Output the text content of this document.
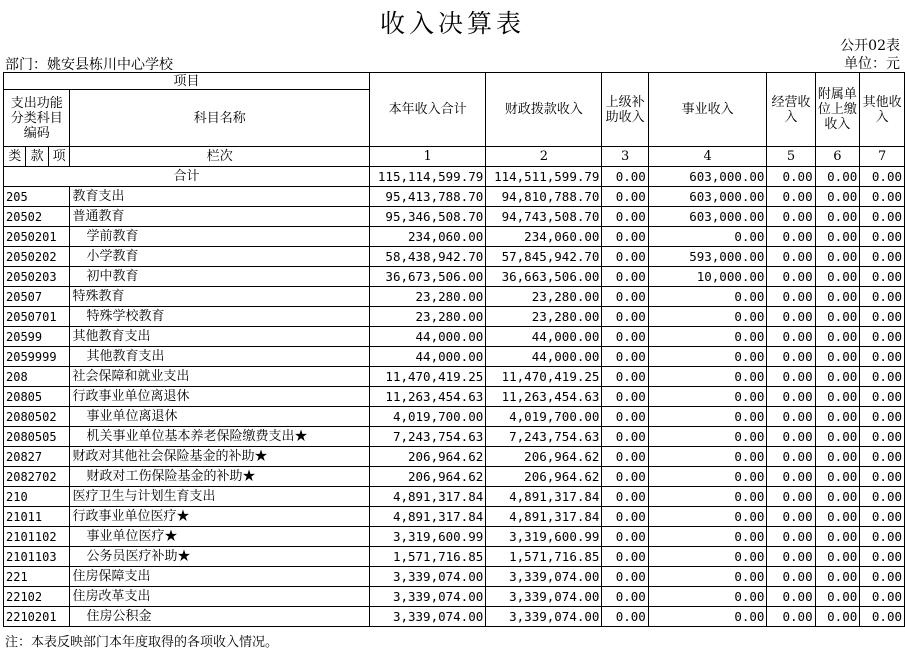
收入决算表
公开02表
部门：姚安县栋川中心学校	单位：元
项目				本年收入合计	财政拨款收入	上级补助收入	事业收入	经营收入	附属单位上缴收入	其他收入
支出功能分类科目编码			科目名称							
类	款	项								
			栏次	1	2	3	4	5	6	7
合计				115,114,599.79	114,511,599.79	0.00	603,000.00	0.00	0.00	0.00
205			教育支出	95,413,788.70	94,810,788.70	0.00	603,000.00	0.00	0.00	0.00
20502			普通教育	95,346,508.70	94,743,508.70	0.00	603,000.00	0.00	0.00	0.00
2050201			学前教育	234,060.00	234,060.00	0.00	0.00	0.00	0.00	0.00
2050202			小学教育	58,438,942.70	57,845,942.70	0.00	593,000.00	0.00	0.00	0.00
2050203			初中教育	36,673,506.00	36,663,506.00	0.00	10,000.00	0.00	0.00	0.00
20507			特殊教育	23,280.00	23,280.00	0.00	0.00	0.00	0.00	0.00
2050701			特殊学校教育	23,280.00	23,280.00	0.00	0.00	0.00	0.00	0.00
20599			其他教育支出	44,000.00	44,000.00	0.00	0.00	0.00	0.00	0.00
2059999			其他教育支出	44,000.00	44,000.00	0.00	0.00	0.00	0.00	0.00
208			社会保障和就业支出	11,470,419.25	11,470,419.25	0.00	0.00	0.00	0.00	0.00
20805			行政事业单位离退休	11,263,454.63	11,263,454.63	0.00	0.00	0.00	0.00	0.00
2080502			事业单位离退休	4,019,700.00	4,019,700.00	0.00	0.00	0.00	0.00	0.00
2080505			机关事业单位基本养老保险缴费支出★	7,243,754.63	7,243,754.63	0.00	0.00	0.00	0.00	0.00
20827			财政对其他社会保险基金的补助★	206,964.62	206,964.62	0.00	0.00	0.00	0.00	0.00
2082702			财政对工伤保险基金的补助★	206,964.62	206,964.62	0.00	0.00	0.00	0.00	0.00
210			医疗卫生与计划生育支出	4,891,317.84	4,891,317.84	0.00	0.00	0.00	0.00	0.00
21011			行政事业单位医疗★	4,891,317.84	4,891,317.84	0.00	0.00	0.00	0.00	0.00
2101102			事业单位医疗★	3,319,600.99	3,319,600.99	0.00	0.00	0.00	0.00	0.00
2101103			公务员医疗补助★	1,571,716.85	1,571,716.85	0.00	0.00	0.00	0.00	0.00
221			住房保障支出	3,339,074.00	3,339,074.00	0.00	0.00	0.00	0.00	0.00
22102			住房改革支出	3,339,074.00	3,339,074.00	0.00	0.00	0.00	0.00	0.00
2210201			住房公积金	3,339,074.00	3,339,074.00	0.00	0.00	0.00	0.00	0.00
注：本表反映部门本年度取得的各项收入情况。
